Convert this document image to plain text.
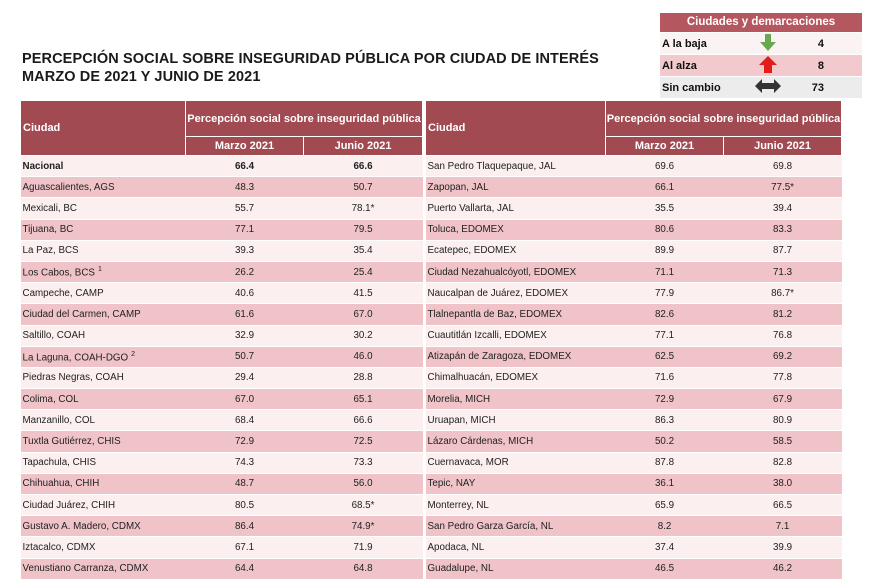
PERCEPCIÓN SOCIAL SOBRE INSEGURIDAD PÚBLICA POR CIUDAD DE INTERÉS
MARZO DE 2021 Y JUNIO DE 2021
Ciudades y demarcaciones
A la baja	4
Al alza	8
Sin cambio	73
Ciudad	Percepción social sobre inseguridad pública	
	Marzo 2021	Junio 2021
Nacional	66.4	66.6
Aguascalientes, AGS	48.3	50.7
Mexicali, BC	55.7	78.1*
Tijuana, BC	77.1	79.5
La Paz, BCS	39.3	35.4
Los Cabos, BCS $^1$	26.2	25.4
Campeche, CAMP	40.6	41.5
Ciudad del Carmen, CAMP	61.6	67.0
Saltillo, COAH	32.9	30.2
La Laguna, COAH-DGO $^2$	50.7	46.0
Piedras Negras, COAH	29.4	28.8
Colima, COL	67.0	65.1
Manzanillo, COL	68.4	66.6
Tuxtla Gutiérrez, CHIS	72.9	72.5
Tapachula, CHIS	74.3	73.3
Chihuahua, CHIH	48.7	56.0
Ciudad Juárez, CHIH	80.5	68.5*
Gustavo A. Madero, CDMX	86.4	74.9*
Iztacalco, CDMX	67.1	71.9
Venustiano Carranza, CDMX	64.4	64.8
Ciudad	Percepción social sobre inseguridad pública	
	Marzo 2021	Junio 2021
San Pedro Tlaquepaque, JAL	69.6	69.8
Zapopan, JAL	66.1	77.5*
Puerto Vallarta, JAL	35.5	39.4
Toluca, EDOMEX	80.6	83.3
Ecatepec, EDOMEX	89.9	87.7
Ciudad Nezahualcóyotl, EDOMEX	71.1	71.3
Naucalpan de Juárez, EDOMEX	77.9	86.7*
Tlalnepantla de Baz, EDOMEX	82.6	81.2
Cuautitlán Izcalli, EDOMEX	77.1	76.8
Atizapán de Zaragoza, EDOMEX	62.5	69.2
Chimalhuacán, EDOMEX	71.6	77.8
Morelia, MICH	72.9	67.9
Uruapan, MICH	86.3	80.9
Lázaro Cárdenas, MICH	50.2	58.5
Cuernavaca, MOR	87.8	82.8
Tepic, NAY	36.1	38.0
Monterrey, NL	65.9	66.5
San Pedro Garza García, NL	8.2	7.1
Apodaca, NL	37.4	39.9
Guadalupe, NL	46.5	46.2
